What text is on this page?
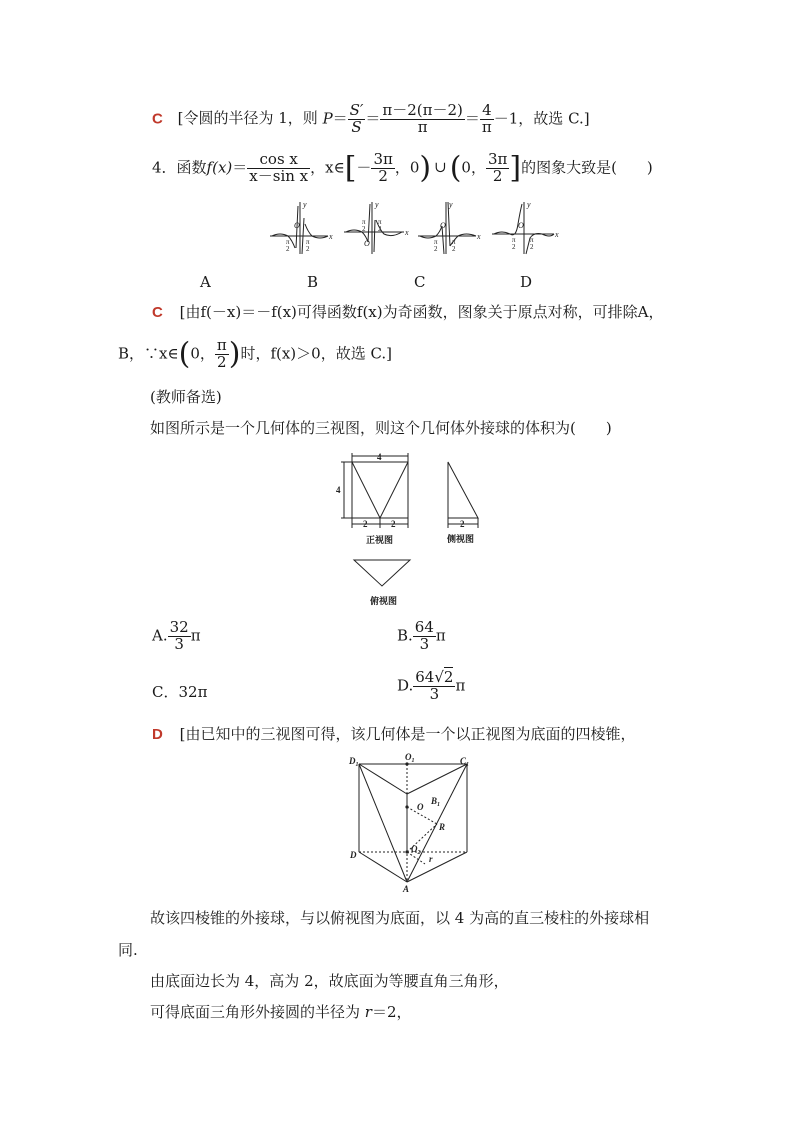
C [令圆的半径为 1，则 $P= \frac{S'}{S} = \frac{\pi-2(\pi-2)}{\pi} = \frac{4}{\pi} -1$，故选 C.]
4．函数$f(x)= \frac{\text{cos x}}{\text{x－sin x}}$ ，x∈[－ $\frac{3\pi}{2}$ ，0) ∪ (0， $\frac{3\pi}{2}$ ]的图象大致是(　　)
y
x
O
y
x
O
y
x
O
y
x
O
π
2
π
2
π
2
π
2
π
2
π
2
π
2
π
2
A	B	C	D
C [由f(－x)＝－f(x)可得函数f(x)为奇函数，图象关于原点对称，可排除A，
B，∵x∈(0， $\frac{\pi}{2}$ )时，f(x)＞0，故选 C.]
(教师备选)
如图所示是一个几何体的三视图，则这个几何体外接球的体积为(　　)
4
4
2	2	2
正视图	侧视图
俯视图
A. $\frac{32}{3}$ π	B. $\frac{64}{3}$ π
C．32π	D. $\frac{64√2}{3}$ π
D [由已知中的三视图可得，该几何体是一个以正视图为底面的四棱锥，
$D_1$
$O_1$	$C_1$
$B_1$
O
R
D
$O_2$
r
A
故该四棱锥的外接球，与以俯视图为底面，以 4 为高的直三棱柱的外接球相
同.
由底面边长为 4，高为 2，故底面为等腰直角三角形，
可得底面三角形外接圆的半径为 r＝2，
